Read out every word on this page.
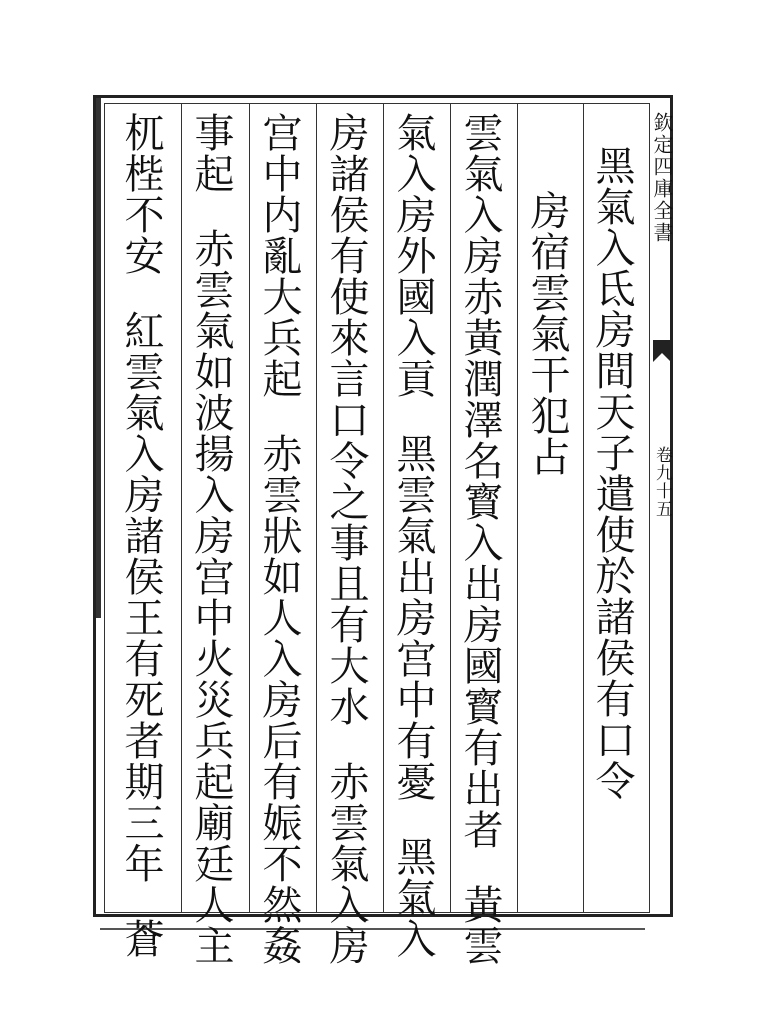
欽定四庫全書
卷九十五
黑氣入氐房間天子遣使於諸侯有口令
房宿雲氣干犯占
雲氣入房赤黃潤澤名寳入出房國寳有出者黃雲
氣入房外國入貢黑雲氣出房宫中有憂黑氣入
房諸侯有使來言口令之事且有大水赤雲氣入房
宫中内亂大兵起赤雲狀如人入房后有娠不然姦
事起赤雲氣如波揚入房宫中火災兵起廟廷人主
杌梐不安紅雲氣入房諸侯王有死者期三年蒼
